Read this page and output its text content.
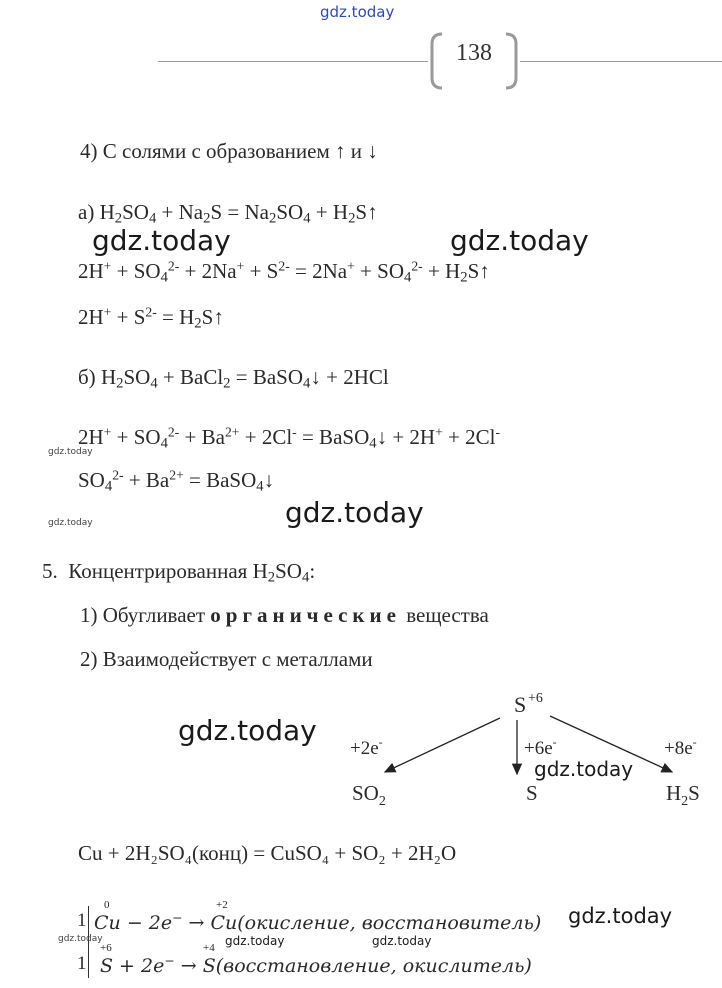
gdz.today
138
4) С солями с образованием ↑ и ↓
а) $H_2SO_4 + Na_2S = Na_2SO_4$ + $H_2S↑$
gdz.today	gdz.today
$2H^+ + SO_4^{2-} + 2Na^+ + S^{2-} = 2Na^+ + SO_4^{2-}$ + $H_2S↑$
$2H^+ + S^{2-}$ = $H_2S↑$
б) $H_2SO_4$ + BaCl$_2$ = BaSO$_4$↓ + 2HCl
$2H^+ + SO_4^{2-} + Ba^{2+} + 2Cl^-$ = BaSO$_4$↓ + 2H+ + 2Cl-
gdz.today
$SO_4^{2-} + Ba^{2+}$ = BaSO$_4$↓
gdz.today
gdz.today
5. Концентрированная $H_2SO_4$:
1) Обугливает органические вещества
2) Взаимодействует с металлами
S +6
+2e-	+6e-	+8e-
$SO_2$	S	$H_2S$
gdz.today
gdz.today
Cu + 2H₂SO₄(конц) = CuSO₄ + SO₂ + 2H₂O
gdz.today
1
0	+2
Cu − 2e− → Cu(окисление, восстановитель)
gdz.today	gdz.today	gdz.today
1
+6	+4
S + 2e− → S(восстановление, окислитель)
